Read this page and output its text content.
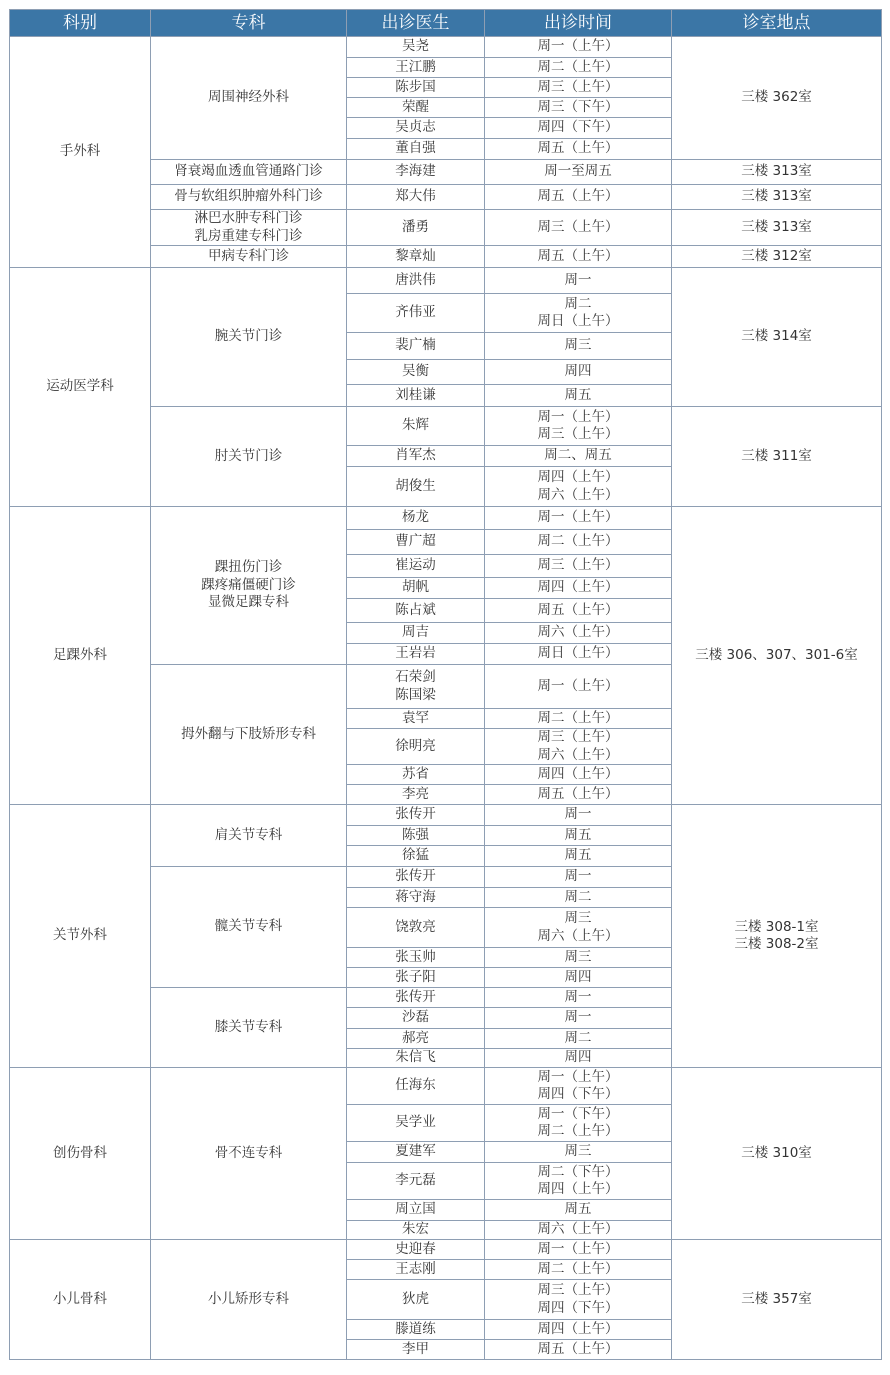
科别	专科	出诊医生	出诊时间	诊室地点
手外科	周围神经外科	吴尧	周一（上午）	三楼 362室

		王江鹏	周二（上午）	

		陈步国	周三（上午）	

		荣醒	周三（下午）	

		吴贞志	周四（下午）	

		董自强	周五（上午）	

	肾衰竭血透血管通路门诊	李海建	周一至周五	三楼 313室

	骨与软组织肿瘤外科门诊	郑大伟	周五（上午）	三楼 313室

	淋巴水肿专科门诊
乳房重建专科门诊	潘勇	周三（上午）	三楼 313室

	甲病专科门诊	黎章灿	周五（上午）	三楼 312室

运动医学科	腕关节门诊	唐洪伟	周一	三楼 314室

		齐伟亚	周二
周日（上午）	

		裴广楠	周三	

		吴衡	周四	

		刘桂谦	周五	

	肘关节门诊	朱辉	周一（上午）
周三（上午）	三楼 311室

		肖军杰	周二、周五	

		胡俊生	周四（上午）
周六（上午）	

足踝外科	踝扭伤门诊
踝疼痛僵硬门诊
显微足踝专科	杨龙	周一（上午）	三楼 306、307、301-6室

		曹广超	周二（上午）	

		崔运动	周三（上午）	

		胡帆	周四（上午）	

		陈占斌	周五（上午）	

		周吉	周六（上午）	

		王岩岩	周日（上午）	

	拇外翻与下肢矫形专科	石荣剑
陈国梁	周一（上午）	

		袁罕	周二（上午）	

		徐明亮	周三（上午）
周六（上午）	

		苏省	周四（上午）	

		李亮	周五（上午）	

关节外科	肩关节专科	张传开	周一	三楼 308-1室
三楼 308-2室

		陈强	周五	

		徐猛	周五	

	髋关节专科	张传开	周一	

		蒋守海	周二	

		饶敦亮	周三
周六（上午）	

		张玉帅	周三	

		张子阳	周四	

	膝关节专科	张传开	周一	

		沙磊	周一	

		郝亮	周二	

		朱信飞	周四	

创伤骨科	骨不连专科	任海东	周一（上午）
周四（下午）	三楼 310室

		吴学业	周一（下午）
周二（上午）	

		夏建军	周三	

		李元磊	周二（下午）
周四（上午）	

		周立国	周五	

		朱宏	周六（上午）	

小儿骨科	小儿矫形专科	史迎春	周一（上午）	三楼 357室

		王志刚	周二（上午）	

		狄虎	周三（上午）
周四（下午）	

		滕道练	周四（上午）	

		李甲	周五（上午）	
